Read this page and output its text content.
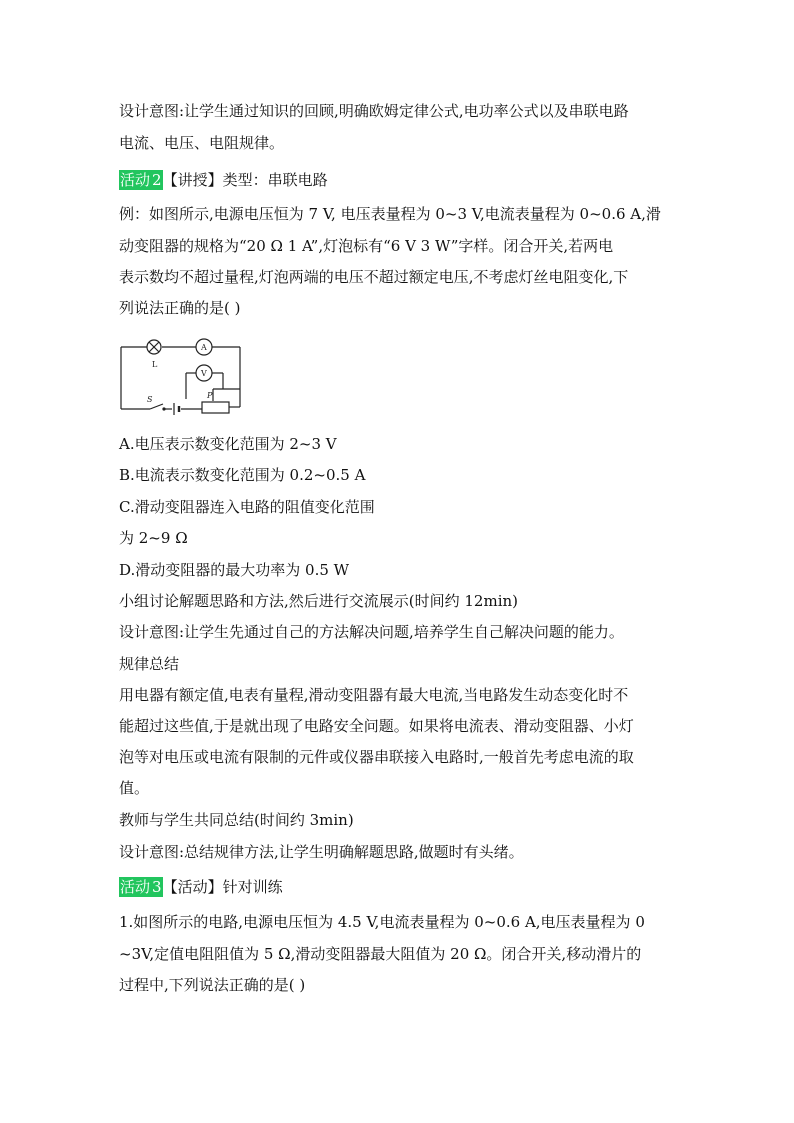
设计意图:让学生通过知识的回顾,明确欧姆定律公式,电功率公式以及串联电路
电流、电压、电阻规律。
活动 2【讲授】类型：串联电路
例：如图所示,电源电压恒为 7 V, 电压表量程为 0~3 V,电流表量程为 0~0.6 A,滑
动变阻器的规格为“20 Ω 1 A”,灯泡标有“6 V 3 W”字样。闭合开关,若两电
表示数均不超过量程,灯泡两端的电压不超过额定电压,不考虑灯丝电阻变化,下
列说法正确的是( )
L
A
V
S	P
A.电压表示数变化范围为 2~3 V
B.电流表示数变化范围为 0.2~0.5 A
C.滑动变阻器连入电路的阻值变化范围
为 2~9 Ω
D.滑动变阻器的最大功率为 0.5 W
小组讨论解题思路和方法,然后进行交流展示(时间约 12min)
设计意图:让学生先通过自己的方法解决问题,培养学生自己解决问题的能力。
规律总结
用电器有额定值,电表有量程,滑动变阻器有最大电流,当电路发生动态变化时不
能超过这些值,于是就出现了电路安全问题。如果将电流表、滑动变阻器、小灯
泡等对电压或电流有限制的元件或仪器串联接入电路时,一般首先考虑电流的取
值。
教师与学生共同总结(时间约 3min)
设计意图:总结规律方法,让学生明确解题思路,做题时有头绪。
活动 3【活动】针对训练
1.如图所示的电路,电源电压恒为 4.5 V,电流表量程为 0~0.6 A,电压表量程为 0
~3V,定值电阻阻值为 5 Ω,滑动变阻器最大阻值为 20 Ω。闭合开关,移动滑片的
过程中,下列说法正确的是( )
